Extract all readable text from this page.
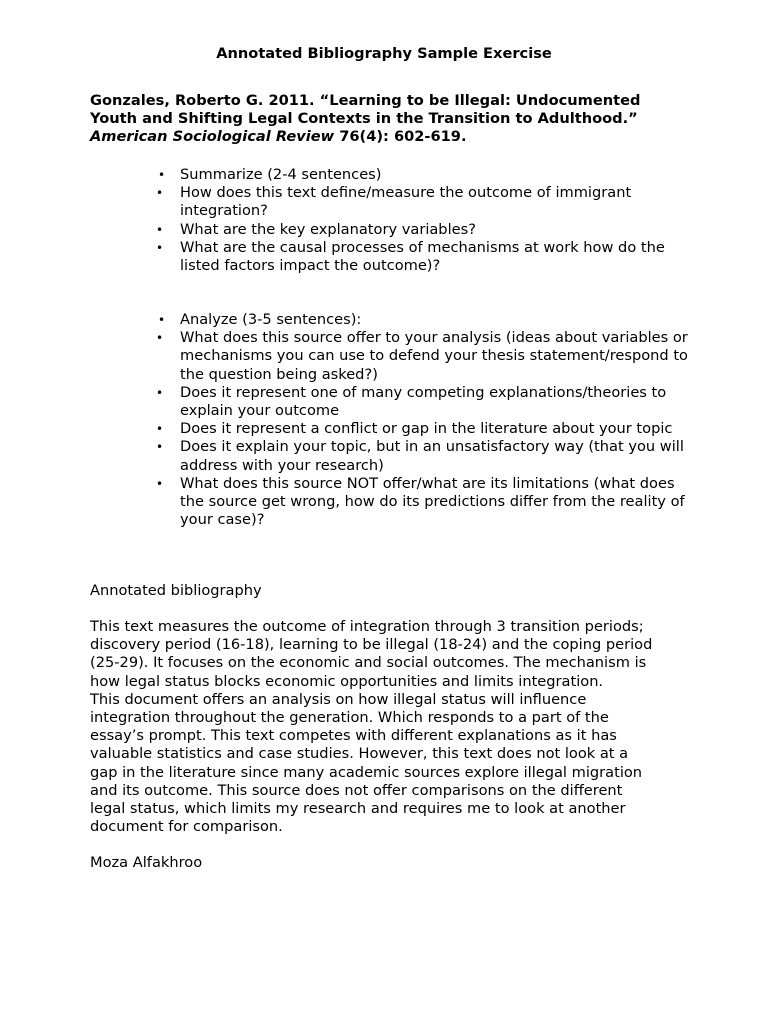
Annotated Bibliography Sample Exercise
Gonzales, Roberto G. 2011. “Learning to be Illegal: Undocumented Youth and Shifting Legal Contexts in the Transition to Adulthood.” American Sociological Review 76(4): 602-619.
• Summarize (2-4 sentences)
• How does this text define/measure the outcome of immigrant integration?
• What are the key explanatory variables?
• What are the causal processes of mechanisms at work how do the listed factors impact the outcome)?
• Analyze (3-5 sentences):
• What does this source offer to your analysis (ideas about variables or mechanisms you can use to defend your thesis statement/respond to the question being asked?)
• Does it represent one of many competing explanations/theories to explain your outcome
• Does it represent a conflict or gap in the literature about your topic
• Does it explain your topic, but in an unsatisfactory way (that you will address with your research)
• What does this source NOT offer/what are its limitations (what does the source get wrong, how do its predictions differ from the reality of your case)?
Annotated bibliography
This text measures the outcome of integration through 3 transition periods;
discovery period (16-18), learning to be illegal (18-24) and the coping period
(25-29). It focuses on the economic and social outcomes. The mechanism is
how legal status blocks economic opportunities and limits integration.
This document offers an analysis on how illegal status will influence
integration throughout the generation. Which responds to a part of the
essay’s prompt. This text competes with different explanations as it has
valuable statistics and case studies. However, this text does not look at a
gap in the literature since many academic sources explore illegal migration
and its outcome. This source does not offer comparisons on the different
legal status, which limits my research and requires me to look at another
document for comparison.
Moza Alfakhroo
